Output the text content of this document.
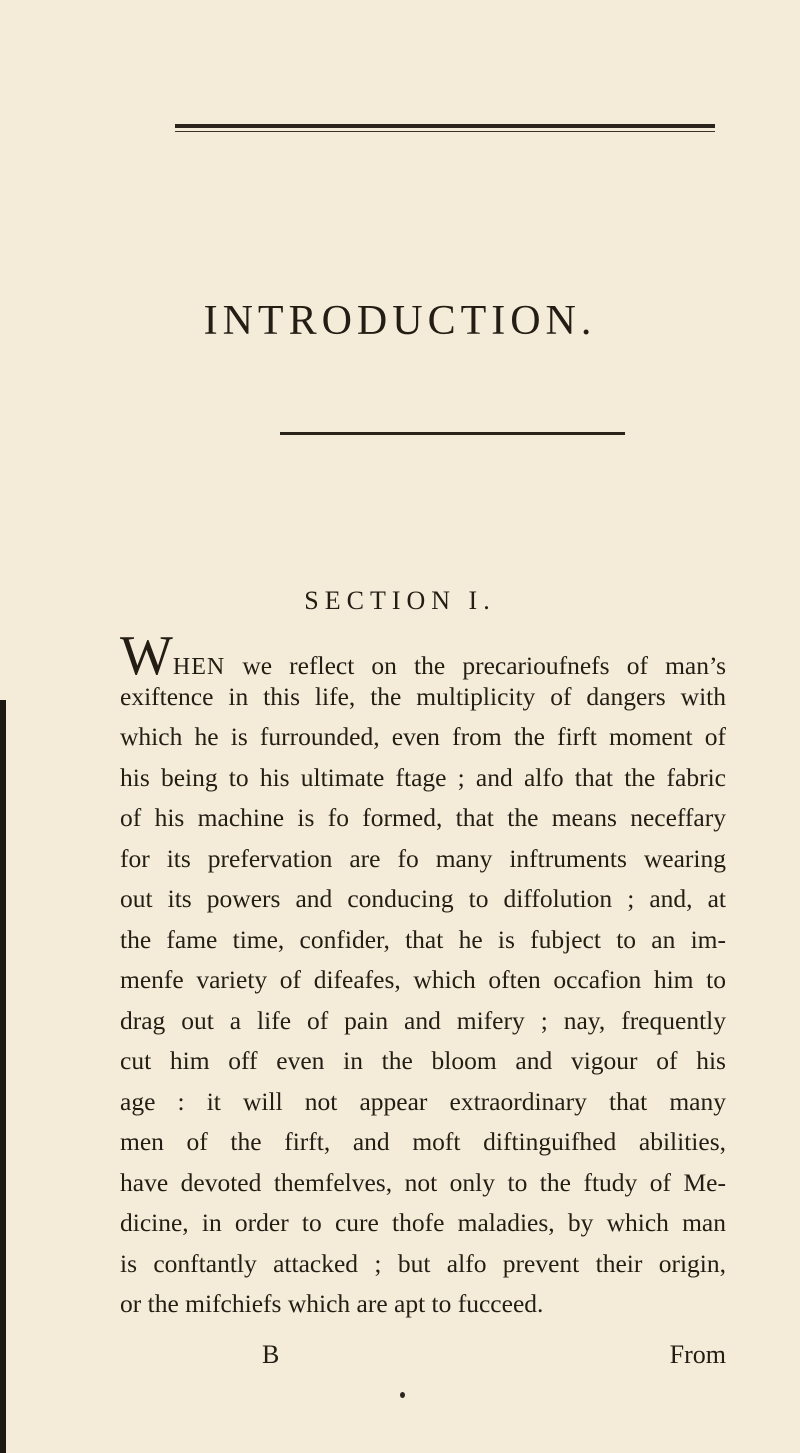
INTRODUCTION.
SECTION I.
WHEN we reflect on the precarioufnefs of man’s
exiftence in this life, the multiplicity of dangers with
which he is furrounded, even from the firft moment of
his being to his ultimate ftage ; and alfo that the fabric
of his machine is fo formed, that the means neceffary
for its prefervation are fo many inftruments wearing
out its powers and conducing to diffolution ; and, at
the fame time, confider, that he is fubject to an im-
menfe variety of difeafes, which often occafion him to
drag out a life of pain and mifery ; nay, frequently
cut him off even in the bloom and vigour of his
age : it will not appear extraordinary that many
men of the firft, and moft diftinguifhed abilities,
have devoted themfelves, not only to the ftudy of Me-
dicine, in order to cure thofe maladies, by which man
is conftantly attacked ; but alfo prevent their origin,
or the mifchiefs which are apt to fucceed.
B	From
